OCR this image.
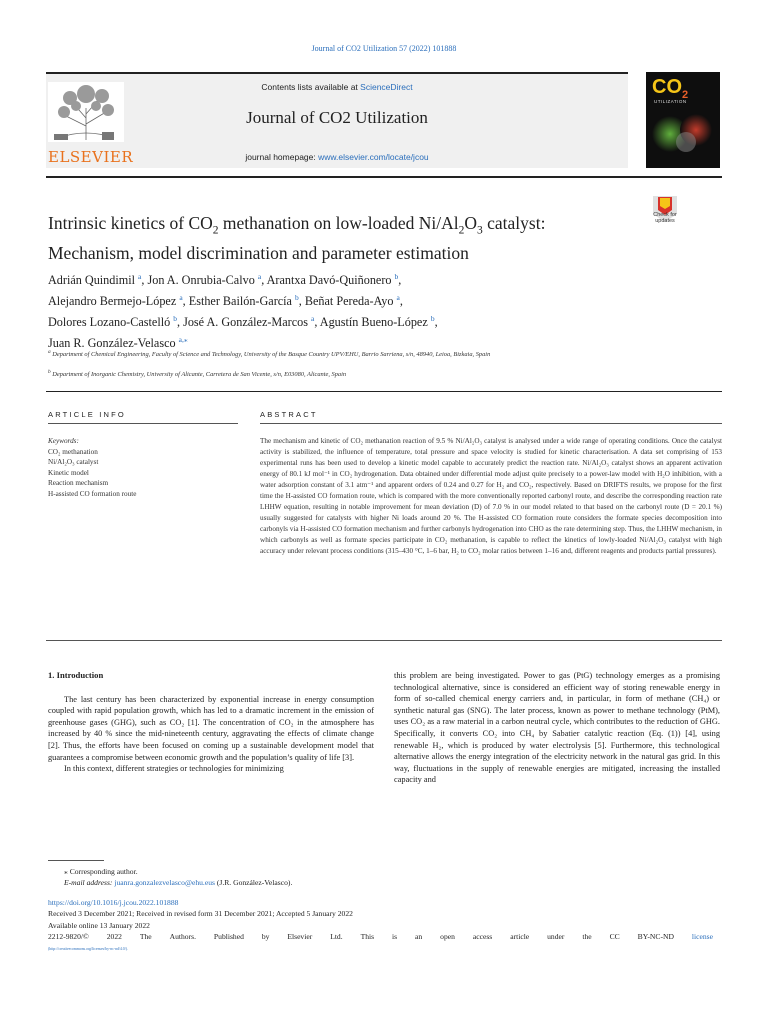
Journal of CO2 Utilization 57 (2022) 101888
ELSEVIER
Contents lists available at ScienceDirect
Journal of CO2 Utilization
journal homepage: www.elsevier.com/locate/jcou
$CO_2$
UTILIZATION
Check for updates
Intrinsic kinetics of $CO_2$ methanation on low-loaded $Ni/Al_2O_3$ catalyst:
Mechanism, model discrimination and parameter estimation
Adrián Quindimil $^a$, Jon A. Onrubia-Calvo $^a$, Arantxa Davó-Quiñonero $^b$,
Alejandro Bermejo-López $^a$, Esther Bailón-García $^b$, Beñat Pereda-Ayo $^a$,
Dolores Lozano-Castelló $^b$, José A. González-Marcos $^a$, Agustín Bueno-López $^b$,
Juan R. González-Velasco $^{a,⁎}$
$^a$ Department of Chemical Engineering, Faculty of Science and Technology, University of the Basque Country UPV/EHU, Barrio Sarriena, s/n, 48940, Leioa, Bizkaia, Spain
$^b$ Department of Inorganic Chemistry, University of Alicante, Carretera de San Vicente, s/n, E03080, Alicante, Spain
ARTICLE INFO	ABSTRACT
Keywords:
CO₂ methanation
Ni/Al₂O₃ catalyst
Kinetic model
Reaction mechanism
H-assisted CO formation route
The mechanism and kinetic of CO₂ methanation reaction of 9.5 % Ni/Al₂O₃ catalyst is analysed under a wide range of operating conditions. Once the catalyst activity is stabilized, the influence of temperature, total pressure and space velocity is studied for kinetic characterisation. A data set comprising of 153 experimental runs has been used to develop a kinetic model capable to accurately predict the reaction rate. Ni/Al₂O₃ catalyst shows an apparent activation energy of 80.1 kJ mol⁻¹ in CO₂ hydrogenation. Data obtained under differential mode adjust quite precisely to a power-law model with H₂O inhibition, with a water adsorption constant of 3.1 atm⁻¹ and apparent orders of 0.24 and 0.27 for H₂ and CO₂, respectively. Based on DRIFTS results, we propose for the first time the H-assisted CO formation route, which is compared with the more conventionally reported carbonyl route, and describe the corresponding reaction rate LHHW equation, resulting in notable improvement for mean deviation (D) of 7.0 % in our model related to that based on the carbonyl route (D = 20.1 %) usually suggested for catalysts with higher Ni loads around 20 %. The H-assisted CO formation route considers the formate species decomposition into carbonyls via H-assisted CO formation mechanism and further carbonyls hydrogenation into CHO as the rate determining step. Thus, the LHHW mechanism, in which carbonyls as well as formate species participate in CO₂ methanation, is capable to reflect the kinetics of lowly-loaded Ni/Al₂O₃ catalyst with high accuracy under relevant process conditions (315–430 °C, 1–6 bar, H₂ to CO₂ molar ratios between 1–16 and, different reagents and products partial pressures).
1. Introduction

The last century has been characterized by exponential increase in energy consumption coupled with rapid population growth, which has led to a dramatic increment in the emission of greenhouse gases (GHG), such as CO₂ [1]. The concentration of CO₂ in the atmosphere has increased by 40 % since the mid-nineteenth century, aggravating the effects of climate change [2]. Thus, the efforts have been focused on coming up a sustainable development model that guarantees a compromise between economic growth and the population’s quality of life [3].

In this context, different strategies or technologies for minimizing

this problem are being investigated. Power to gas (PtG) technology emerges as a promising technological alternative, since is considered an efficient way of storing renewable energy in form of so-called chemical energy carriers and, in particular, in form of methane (CH₄) or synthetic natural gas (SNG). The later process, known as power to methane technology (PtM), uses CO₂ as a raw material in a carbon neutral cycle, which contributes to the reduction of GHG. Specifically, it converts CO₂ into CH₄ by Sabatier catalytic reaction (Eq. (1)) [4], using renewable H₂, which is produced by water electrolysis [5]. Furthermore, this technological alternative allows the energy integration of the electricity network in the natural gas grid. In this way, fluctuations in the supply of renewable energies are mitigated, increasing the installed capacity and

⁎ Corresponding author.
E-mail address: juanra.gonzalezvelasco@ehu.eus (J.R. González-Velasco).
https://doi.org/10.1016/j.jcou.2022.101888
Received 3 December 2021; Received in revised form 31 December 2021; Accepted 5 January 2022
Available online 13 January 2022
2212-9820/© 2022 The Authors. Published by Elsevier Ltd. This is an open access article under the CC BY-NC-ND license
(http://creativecommons.org/licenses/by-nc-nd/4.0/).
